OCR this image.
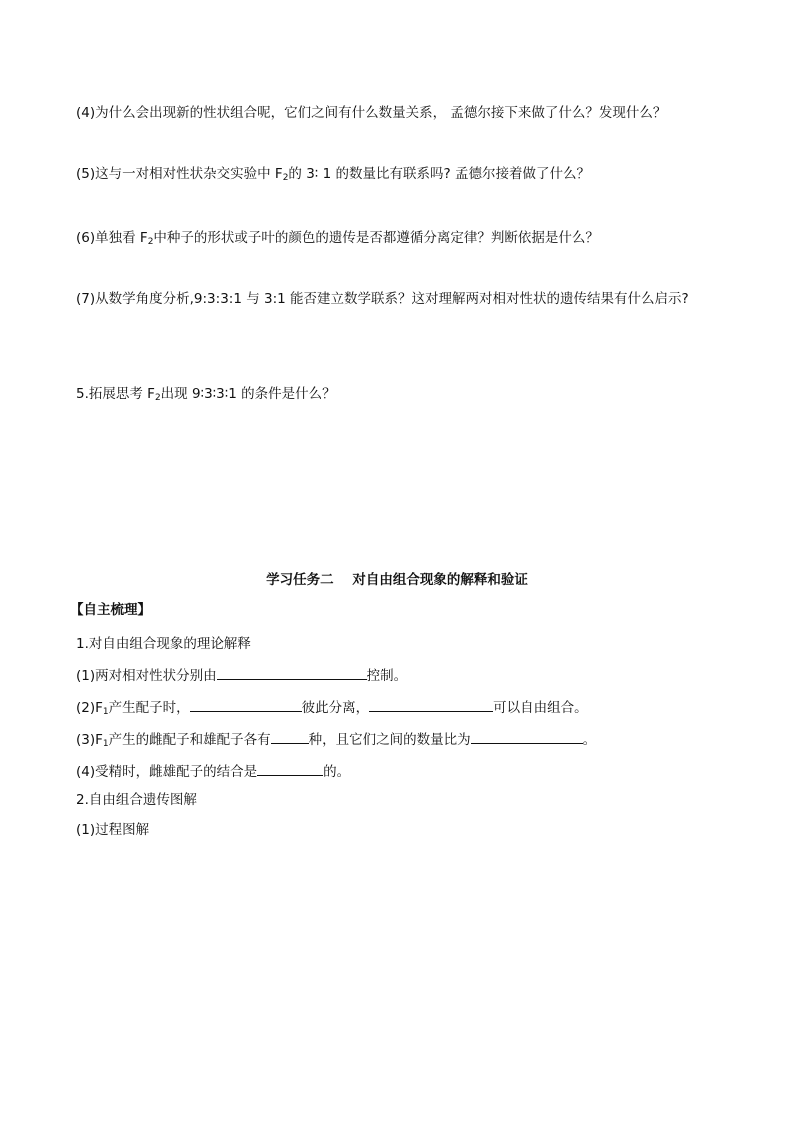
(4)为什么会出现新的性状组合呢，它们之间有什么数量关系， 孟德尔接下来做了什么？发现什么？
(5)这与一对相对性状杂交实验中 $F_2$的 3∶ 1 的数量比有联系吗? 孟德尔接着做了什么？
(6)单独看 $F_2$中种子的形状或子叶的颜色的遗传是否都遵循分离定律？判断依据是什么？
(7)从数学角度分析,9:3:3:1 与 3:1 能否建立数学联系？这对理解两对相对性状的遗传结果有什么启示?
5.拓展思考 $F_2$出现 9∶3∶3∶1 的条件是什么？
学习任务二    对自由组合现象的解释和验证
【自主梳理】
1.对自由组合现象的理论解释
(1)两对相对性状分别由	控制。
$(2)F_1$产生配子时，	彼此分离，	可以自由组合。
$(3)F_1$产生的雌配子和雄配子各有	种，且它们之间的数量比为	。
(4)受精时，雌雄配子的结合是	的。
2.自由组合遗传图解
(1)过程图解
